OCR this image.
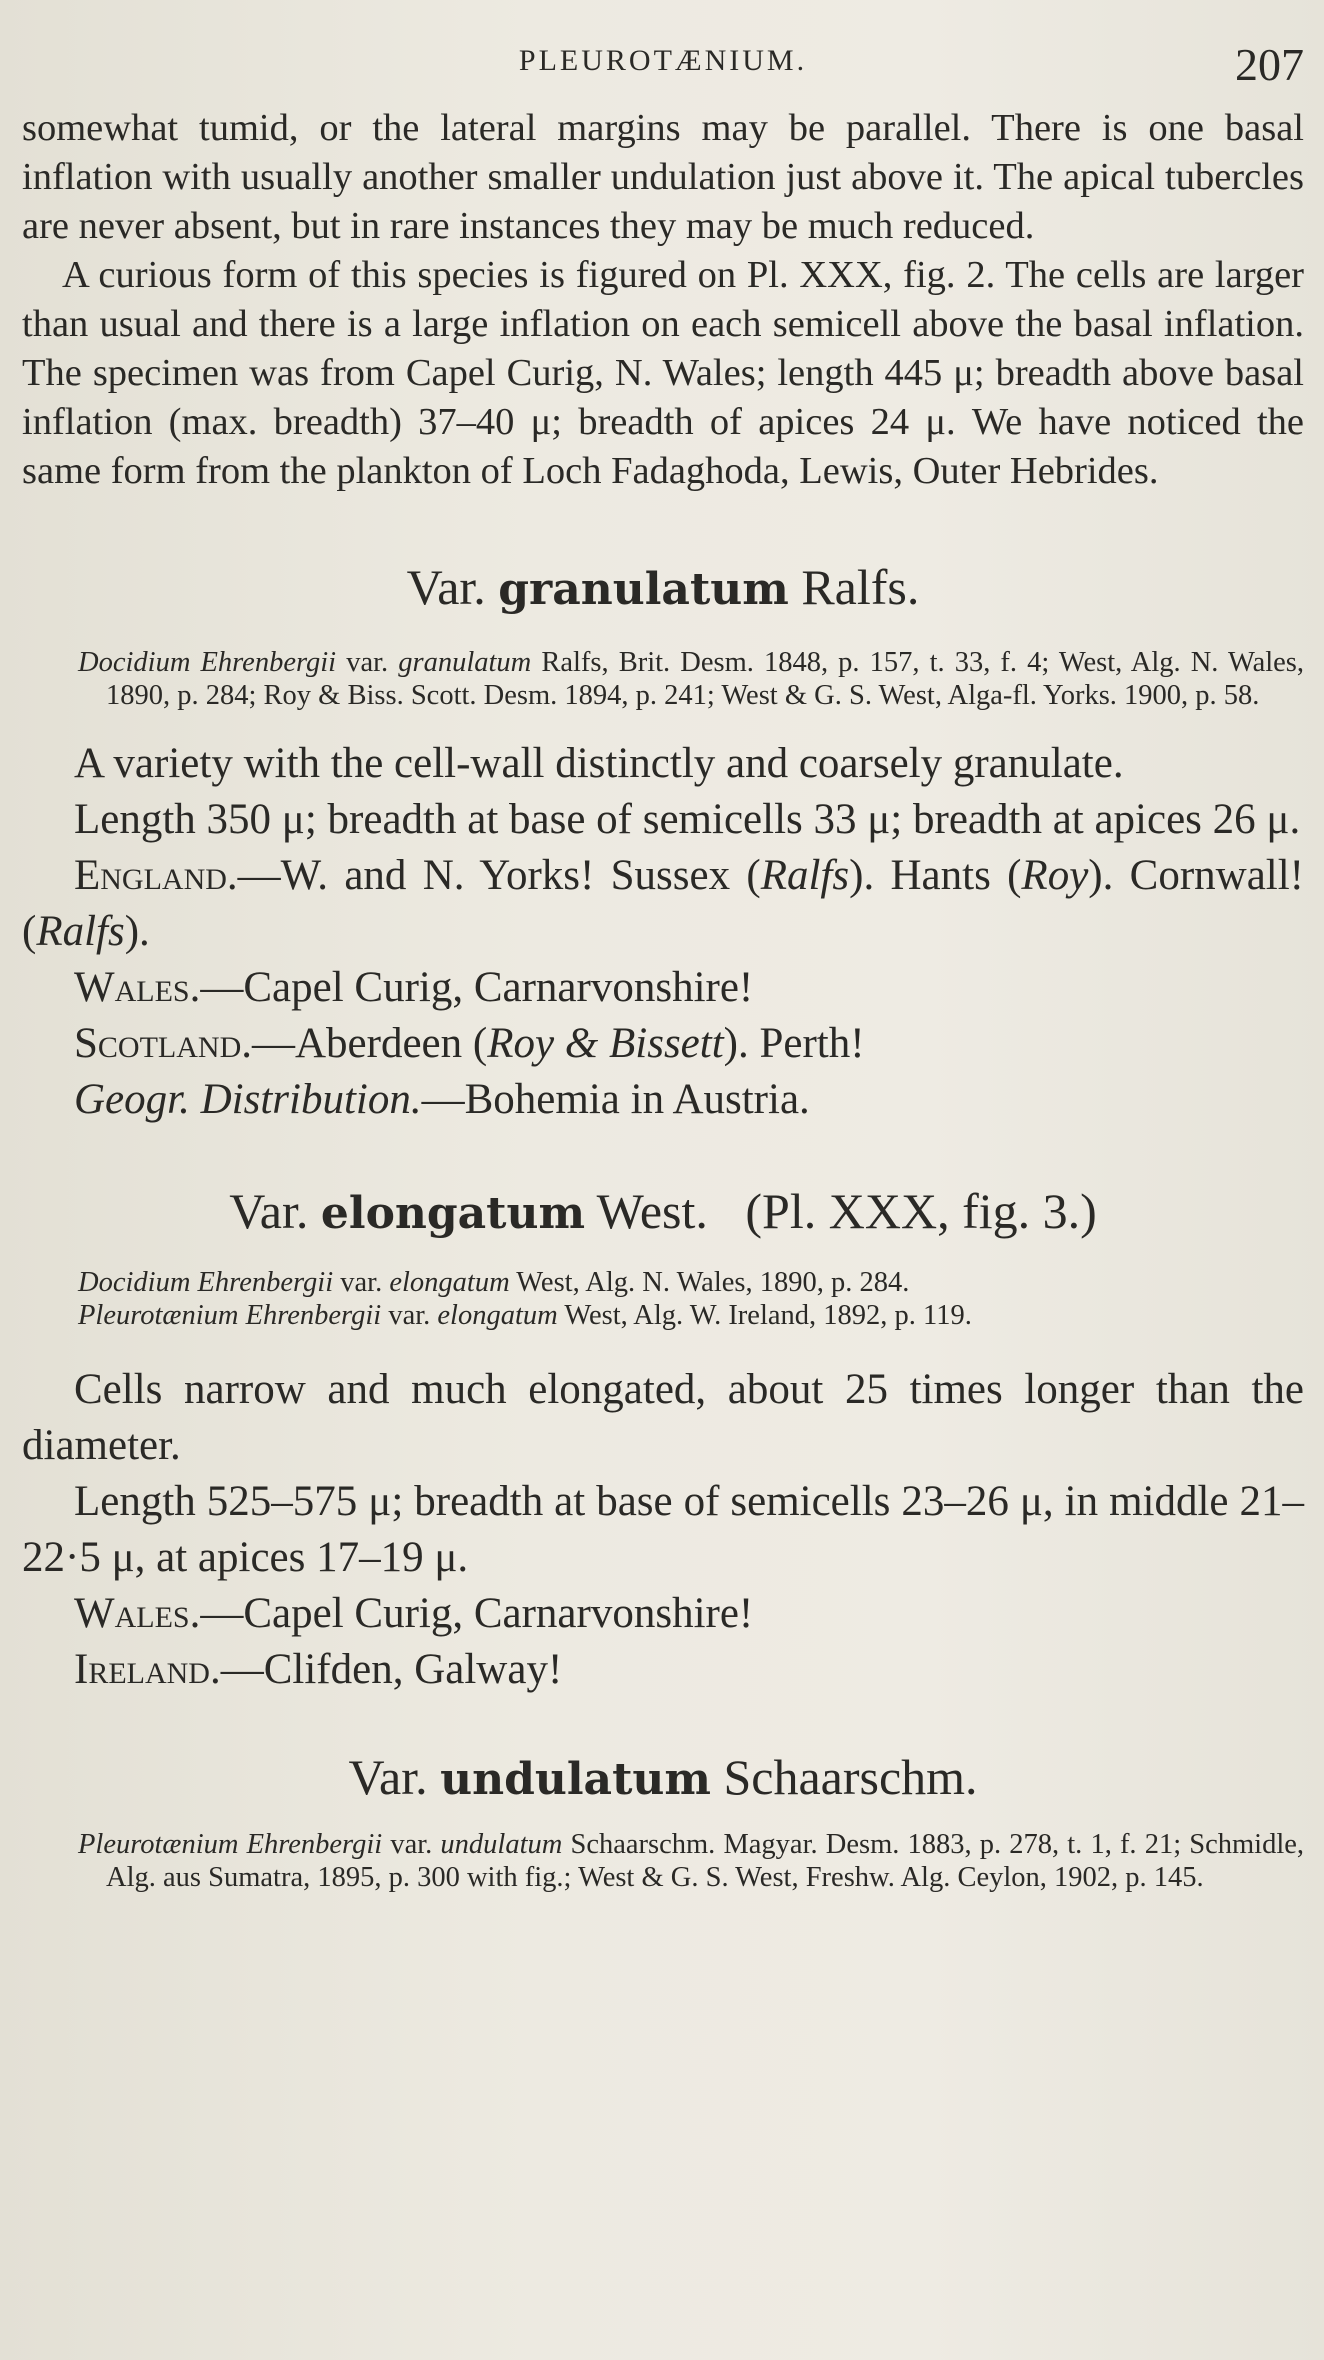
PLEUROTÆNIUM.	207

somewhat tumid, or the lateral margins may be parallel. There is one basal inflation with usually another smaller undulation just above it. The apical tubercles are never absent, but in rare instances they may be much reduced.

A curious form of this species is figured on Pl. XXX, fig. 2. The cells are larger than usual and there is a large inflation on each semicell above the basal inflation. The specimen was from Capel Curig, N. Wales; length 445 μ; breadth above basal inflation (max. breadth) 37–40 μ; breadth of apices 24 μ. We have noticed the same form from the plankton of Loch Fadaghoda, Lewis, Outer Hebrides.

Var. granulatum Ralfs.

Docidium Ehrenbergii var. granulatum Ralfs, Brit. Desm. 1848, p. 157, t. 33, f. 4; West, Alg. N. Wales, 1890, p. 284; Roy & Biss. Scott. Desm. 1894, p. 241; West & G. S. West, Alga-fl. Yorks. 1900, p. 58.

A variety with the cell-wall distinctly and coarsely granulate.

Length 350 μ; breadth at base of semicells 33 μ; breadth at apices 26 μ.

England.—W. and N. Yorks! Sussex (Ralfs). Hants (Roy). Cornwall! (Ralfs).

Wales.—Capel Curig, Carnarvonshire!

Scotland.—Aberdeen (Roy & Bissett). Perth!

Geogr. Distribution.—Bohemia in Austria.

Var. elongatum West. (Pl. XXX, fig. 3.)

Docidium Ehrenbergii var. elongatum West, Alg. N. Wales, 1890, p. 284.

Pleurotænium Ehrenbergii var. elongatum West, Alg. W. Ireland, 1892, p. 119.

Cells narrow and much elongated, about 25 times longer than the diameter.

Length 525–575 μ; breadth at base of semicells 23–26 μ, in middle 21–22·5 μ, at apices 17–19 μ.

Wales.—Capel Curig, Carnarvonshire!

Ireland.—Clifden, Galway!

Var. undulatum Schaarschm.

Pleurotænium Ehrenbergii var. undulatum Schaarschm. Magyar. Desm. 1883, p. 278, t. 1, f. 21; Schmidle, Alg. aus Sumatra, 1895, p. 300 with fig.; West & G. S. West, Freshw. Alg. Ceylon, 1902, p. 145.
